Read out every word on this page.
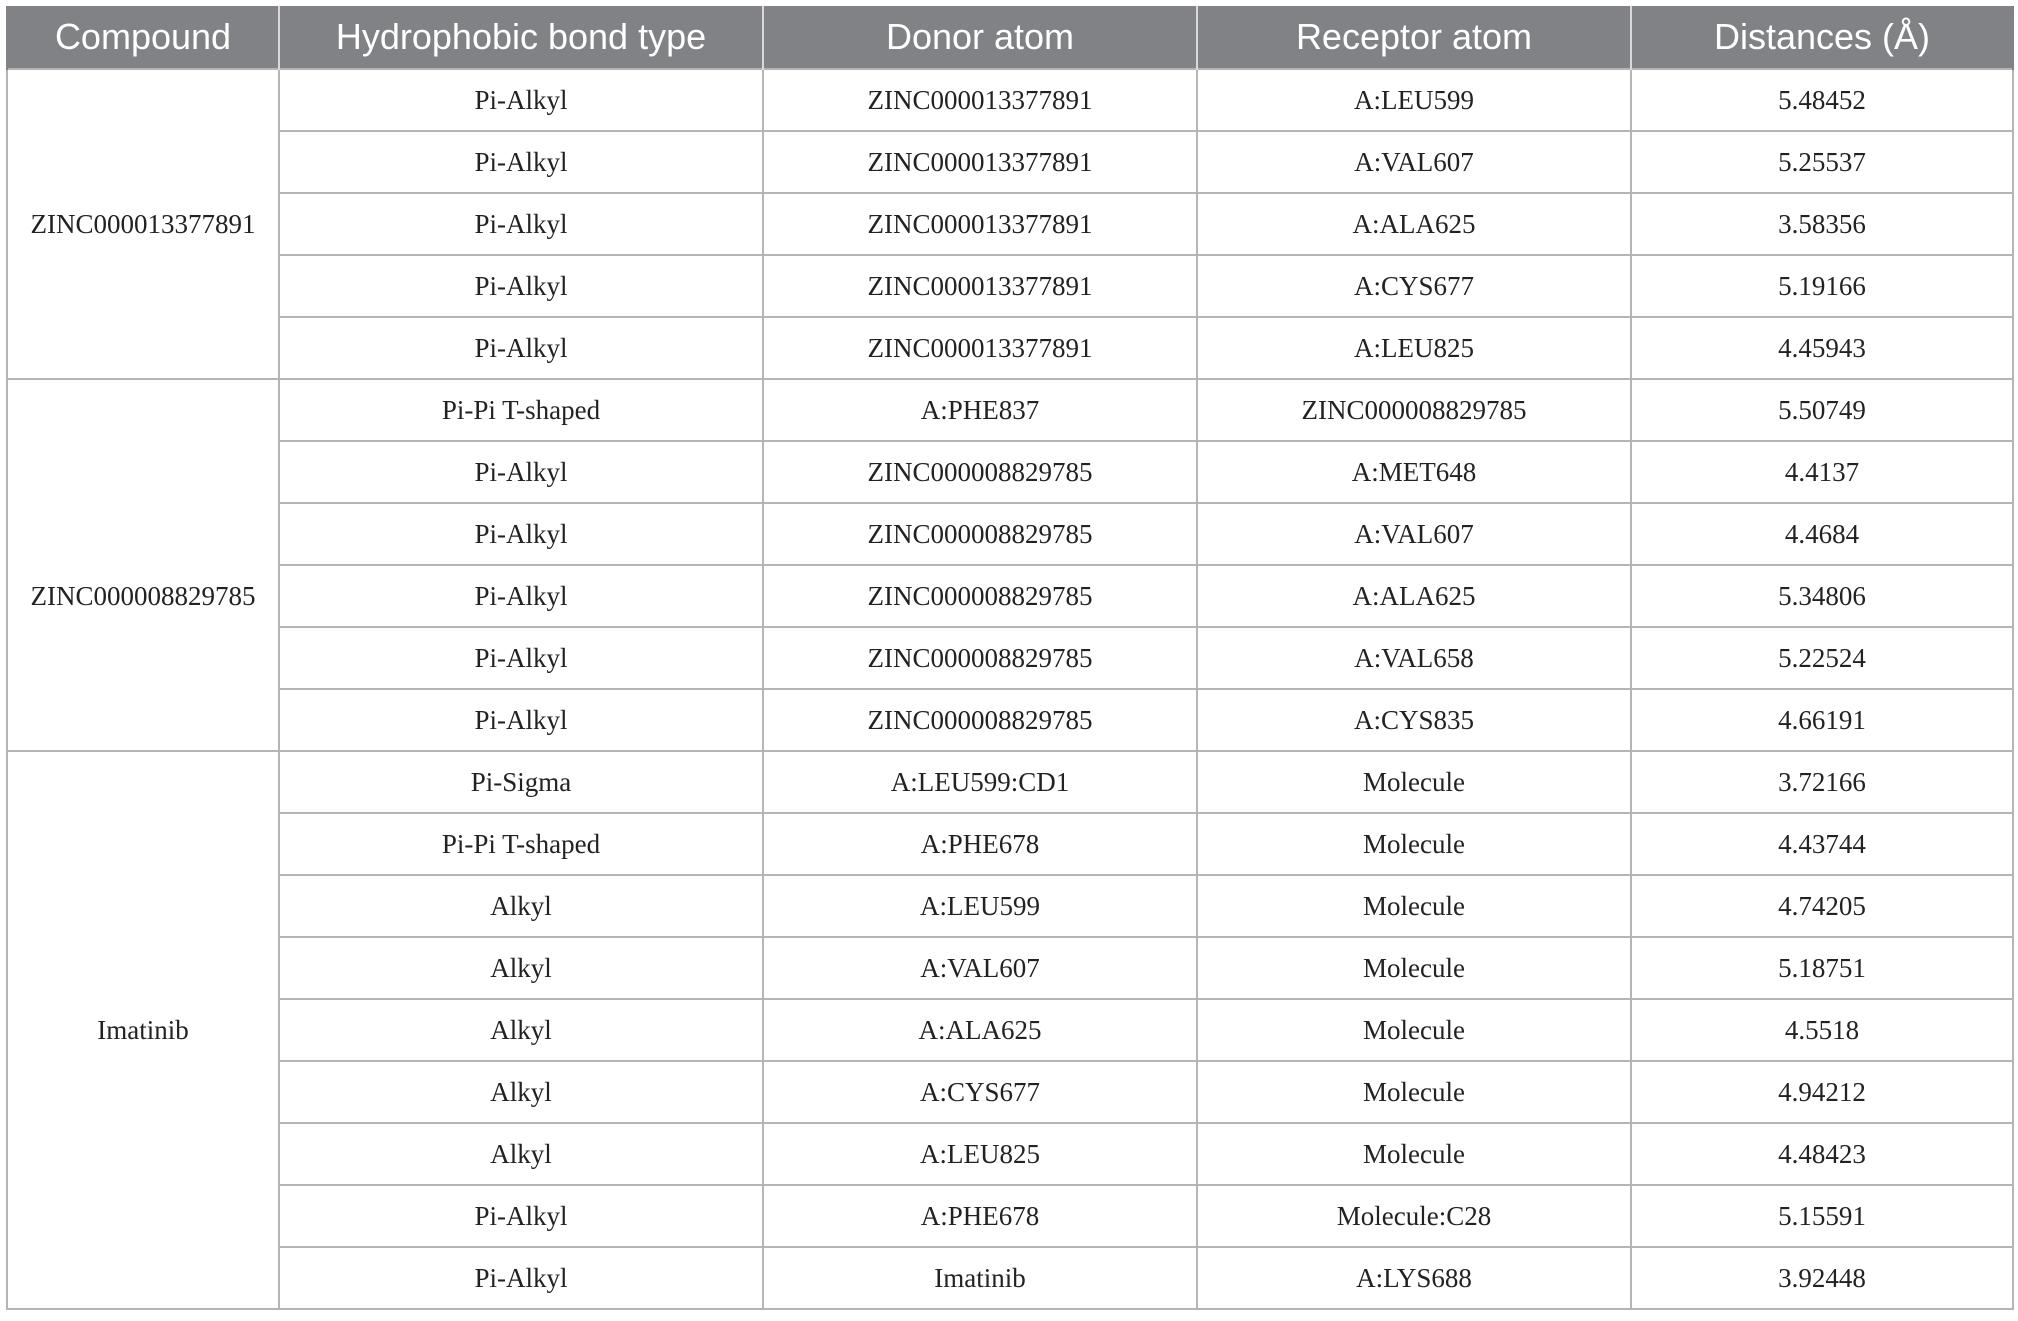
Compound	Hydrophobic bond type	Donor atom	Receptor atom	Distances (Å)
	Pi-Alkyl	ZINC000013377891	A:LEU599	5.48452
	Pi-Alkyl	ZINC000013377891	A:VAL607	5.25537
ZINC000013377891	Pi-Alkyl	ZINC000013377891	A:ALA625	3.58356
	Pi-Alkyl	ZINC000013377891	A:CYS677	5.19166
	Pi-Alkyl	ZINC000013377891	A:LEU825	4.45943
	Pi-Pi T-shaped	A:PHE837	ZINC000008829785	5.50749
	Pi-Alkyl	ZINC000008829785	A:MET648	4.4137
	Pi-Alkyl	ZINC000008829785	A:VAL607	4.4684
ZINC000008829785	Pi-Alkyl	ZINC000008829785	A:ALA625	5.34806
	Pi-Alkyl	ZINC000008829785	A:VAL658	5.22524
	Pi-Alkyl	ZINC000008829785	A:CYS835	4.66191
	Pi-Sigma	A:LEU599:CD1	Molecule	3.72166
	Pi-Pi T-shaped	A:PHE678	Molecule	4.43744
	Alkyl	A:LEU599	Molecule	4.74205
	Alkyl	A:VAL607	Molecule	5.18751
Imatinib	Alkyl	A:ALA625	Molecule	4.5518
	Alkyl	A:CYS677	Molecule	4.94212
	Alkyl	A:LEU825	Molecule	4.48423
	Pi-Alkyl	A:PHE678	Molecule:C28	5.15591
	Pi-Alkyl	Imatinib	A:LYS688	3.92448
